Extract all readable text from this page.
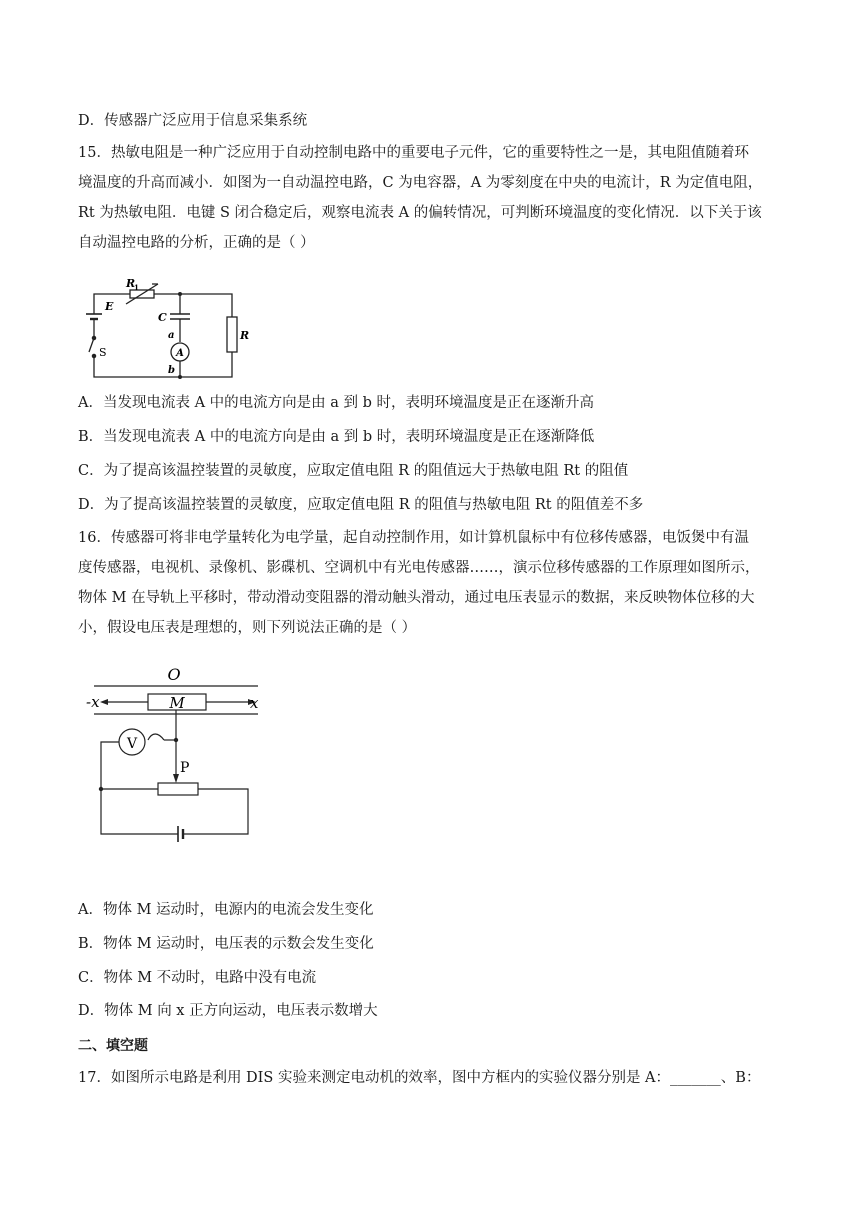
D．传感器广泛应用于信息采集系统
15．热敏电阻是一种广泛应用于自动控制电路中的重要电子元件，它的重要特性之一是，其电阻值随着环
境温度的升高而减小．如图为一自动温控电路，C 为电容器，A 为零刻度在中央的电流计，R 为定值电阻，
Rt 为热敏电阻．电键 S 闭合稳定后，观察电流表 A 的偏转情况，可判断环境温度的变化情况．以下关于该
自动温控电路的分析，正确的是（ ）
E
S
R
1
C
a
A
b
R
A．当发现电流表 A 中的电流方向是由 a 到 b 时，表明环境温度是正在逐渐升高
B．当发现电流表 A 中的电流方向是由 a 到 b 时，表明环境温度是正在逐渐降低
C．为了提高该温控装置的灵敏度，应取定值电阻 R 的阻值远大于热敏电阻 Rt 的阻值
D．为了提高该温控装置的灵敏度，应取定值电阻 R 的阻值与热敏电阻 Rt 的阻值差不多
16．传感器可将非电学量转化为电学量，起自动控制作用，如计算机鼠标中有位移传感器，电饭煲中有温
度传感器，电视机、录像机、影碟机、空调机中有光电传感器……，演示位移传感器的工作原理如图所示，
物体 M 在导轨上平移时，带动滑动变阻器的滑动触头滑动，通过电压表显示的数据，来反映物体位移的大
小，假设电压表是理想的，则下列说法正确的是（ ）
O
-x	M	x
V
P
A．物体 M 运动时，电源内的电流会发生变化
B．物体 M 运动时，电压表的示数会发生变化
C．物体 M 不动时，电路中没有电流
D．物体 M 向 x 正方向运动，电压表示数增大
二、填空题
17．如图所示电路是利用 DIS 实验来测定电动机的效率，图中方框内的实验仪器分别是 A：_______、B：
